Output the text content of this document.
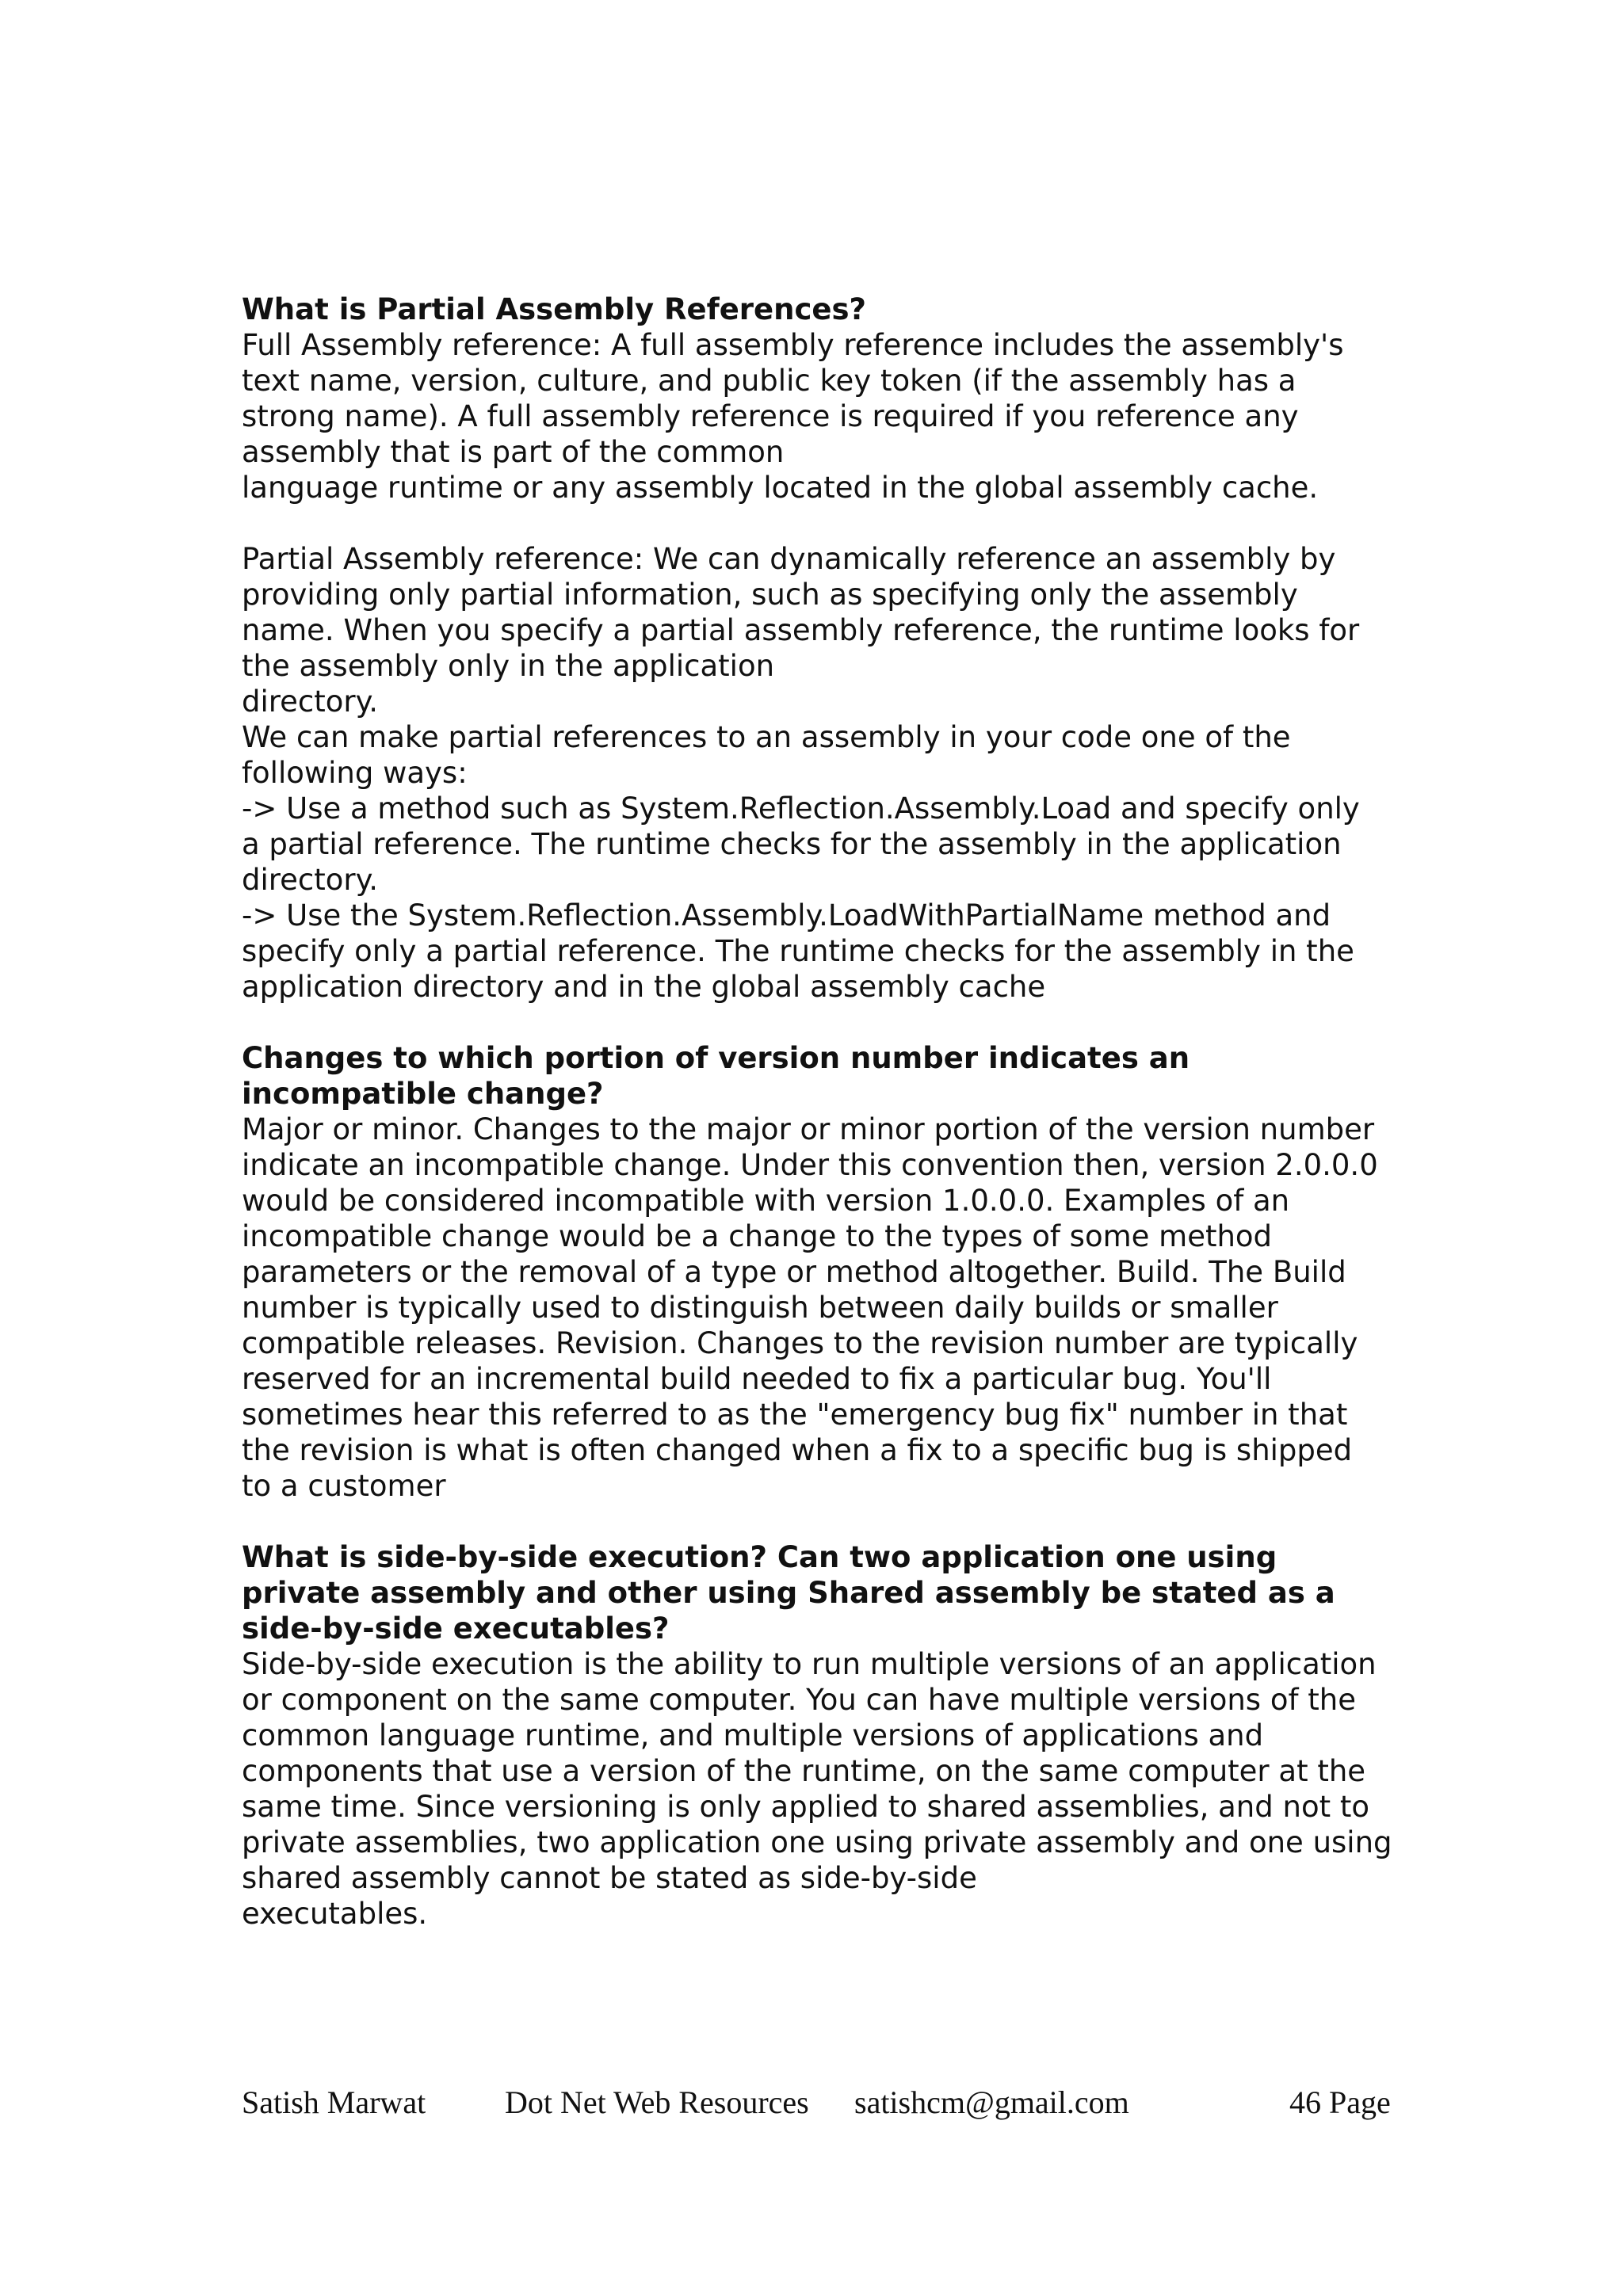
What is Partial Assembly References?
Full Assembly reference: A full assembly reference includes the assembly's
text name, version, culture, and public key token (if the assembly has a
strong name). A full assembly reference is required if you reference any
assembly that is part of the common
language runtime or any assembly located in the global assembly cache.
Partial Assembly reference: We can dynamically reference an assembly by
providing only partial information, such as specifying only the assembly
name. When you specify a partial assembly reference, the runtime looks for
the assembly only in the application
directory.
We can make partial references to an assembly in your code one of the
following ways:
-> Use a method such as System.Reflection.Assembly.Load and specify only
a partial reference. The runtime checks for the assembly in the application
directory.
-> Use the System.Reflection.Assembly.LoadWithPartialName method and
specify only a partial reference. The runtime checks for the assembly in the
application directory and in the global assembly cache
Changes to which portion of version number indicates an
incompatible change?
Major or minor. Changes to the major or minor portion of the version number
indicate an incompatible change. Under this convention then, version 2.0.0.0
would be considered incompatible with version 1.0.0.0. Examples of an
incompatible change would be a change to the types of some method
parameters or the removal of a type or method altogether. Build. The Build
number is typically used to distinguish between daily builds or smaller
compatible releases. Revision. Changes to the revision number are typically
reserved for an incremental build needed to fix a particular bug. You'll
sometimes hear this referred to as the "emergency bug fix" number in that
the revision is what is often changed when a fix to a specific bug is shipped
to a customer
What is side-by-side execution? Can two application one using
private assembly and other using Shared assembly be stated as a
side-by-side executables?
Side-by-side execution is the ability to run multiple versions of an application
or component on the same computer. You can have multiple versions of the
common language runtime, and multiple versions of applications and
components that use a version of the runtime, on the same computer at the
same time. Since versioning is only applied to shared assemblies, and not to
private assemblies, two application one using private assembly and one using
shared assembly cannot be stated as side-by-side
executables.
Satish Marwat Dot Net Web Resources satishcm@gmail.com	46 Page
